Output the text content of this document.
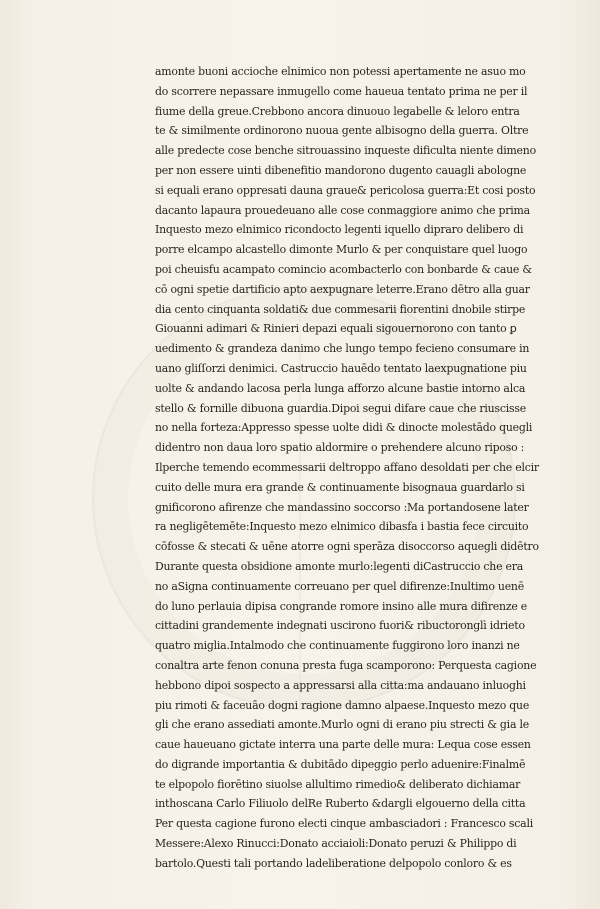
amonte buoni accioche elnimico non potessi apertamente ne asuo mo
do scorrere nepassare inmugello come haueua tentato prima ne per il
fiume della greue.Crebbono ancora dinuouo legabelle & leloro entra
te & similmente ordinorono nuoua gente albisogno della guerra. Oltre
alle predecte cose benche sitrouassino inqueste dificulta niente dimeno
per non essere uinti dibenefitio mandorono dugento cauagli abologne
si equali erano oppresati dauna graue& pericolosa guerra:Et cosi posto
dacanto lapaura prouedeuano alle cose conmaggiore animo che prima
Inquesto mezo elnimico ricondocto legenti iquello dipraro delibero di
porre elcampo alcastello dimonte Murlo & per conquistare quel luogo
poi cheuisfu acampato comincio acombacterlo con bonbarde & caue &
cō ogni spetie dartificio apto aexpugnare leterre.Erano dētro alla guar
dia cento cinquanta soldati& due commesarii fiorentini dnobile stirpe
Giouanni adimari & Rinieri depazi equali sigouernorono con tanto ꝑ
uedimento & grandeza danimo che lungo tempo fecieno consumare in
uano gliſſorzi denimici. Castruccio hauēdo tentato laexpugnatione piu
uolte & andando lacosa perla lunga afforzo alcune bastie intorno alca
stello & fornille dibuona guardia.Dipoi segui difare caue che riuscisse
no nella forteza:Appresso spesse uolte didi & dinocte molestādo quegli
didentro non daua loro spatio aldormire o prehendere alcuno riposo :
Ilperche temendo ecommessarii deltroppo affano desoldati per che elcir
cuito delle mura era grande & continuamente bisognaua guardarlo si
gnificorono afirenze che mandassino soccorso :Ma portandosene later
ra negligētemēte:Inquesto mezo elnimico dibasfa i bastia fece circuito
cōfosse & stecati & uēne atorre ogni sperāza disoccorso aquegli didētro
Durante questa obsidione amonte murlo:legenti diCastruccio che era
no aSigna continuamente correuano per quel difirenze:Inultimo uenē
do luno perlauia dipisa congrande romore insino alle mura difirenze e
cittadini grandemente indegnati uscirono fuori& ribuctoronglì idrieto
quatro miglia.Intalmodo che continuamente fuggirono loro inanzi ne
conaltra arte fenon conuna presta fuga scamporono: Perquesta cagione
hebbono dipoi sospecto a appressarsi alla citta:ma andauano inluoghi
piu rimoti & faceuāo dogni ragione damno alpaese.Inquesto mezo que
gli che erano assediati amonte.Murlo ogni di erano piu strecti & gia le
caue haueuano gictate interra una parte delle mura: Lequa cose essen
do digrande importantia & dubitādo dipeggio perlo aduenire:Finalmē
te elpopolo fiorētino siuolse allultimo rimedio& deliberato dichiamar
inthoscana Carlo Filiuolo delRe Ruberto &dargli elgouerno della citta
Per questa cagione furono electi cinque ambasciadori : Francesco scali
Messere:Alexo Rinucci:Donato acciaioli:Donato peruzi & Philippo di
bartolo.Questi tali portando ladeliberatione delpopolo conloro & es
